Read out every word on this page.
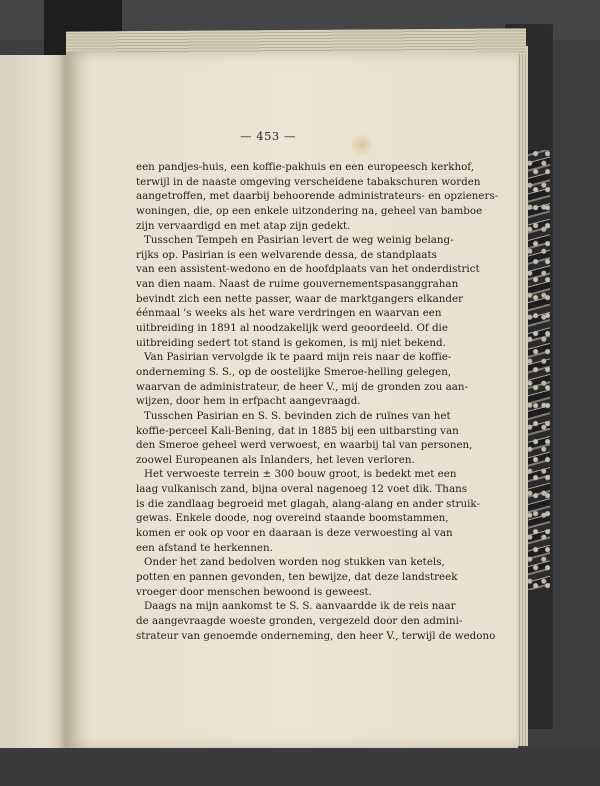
— 453 —
een pandjes-huis, een koffie-pakhuis en een europeesch kerkhof,
terwijl in de naaste omgeving verscheidene tabakschuren worden
aangetroffen, met daarbij behoorende administrateurs- en opzieners-
woningen, die, op een enkele uitzondering na, geheel van bamboe
zijn vervaardigd en met atap zijn gedekt.
Tusschen Tempeh en Pasirian levert de weg weinig belang-
rijks op. Pasirian is een welvarende dessa, de standplaats
van een assistent-wedono en de hoofdplaats van het onderdistrict
van dien naam. Naast de ruime gouvernementspasanggrahan
bevindt zich een nette passer, waar de marktgangers elkander
éénmaal 's weeks als het ware verdringen en waarvan een
uitbreiding in 1891 al noodzakelijk werd geoordeeld. Of die
uitbreiding sedert tot stand is gekomen, is mij niet bekend.
Van Pasirian vervolgde ik te paard mijn reis naar de koffie-
onderneming S. S., op de oostelijke Smeroe-helling gelegen,
waarvan de administrateur, de heer V., mij de gronden zou aan-
wijzen, door hem in erfpacht aangevraagd.
Tusschen Pasirian en S. S. bevinden zich de ruïnes van het
koffie-perceel Kali-Bening, dat in 1885 bij een uitbarsting van
den Smeroe geheel werd verwoest, en waarbij tal van personen,
zoowel Europeanen als Inlanders, het leven verloren.
Het verwoeste terrein ± 300 bouw groot, is bedekt met een
laag vulkanisch zand, bijna overal nagenoeg 12 voet dik. Thans
is die zandlaag begroeid met glagah, alang-alang en ander struik-
gewas. Enkele doode, nog overeind staande boomstammen,
komen er ook op voor en daaraan is deze verwoesting al van
een afstand te herkennen.
Onder het zand bedolven worden nog stukken van ketels,
potten en pannen gevonden, ten bewijze, dat deze landstreek
vroeger door menschen bewoond is geweest.
Daags na mijn aankomst te S. S. aanvaardde ik de reis naar
de aangevraagde woeste gronden, vergezeld door den admini-
strateur van genoemde onderneming, den heer V., terwijl de wedono
